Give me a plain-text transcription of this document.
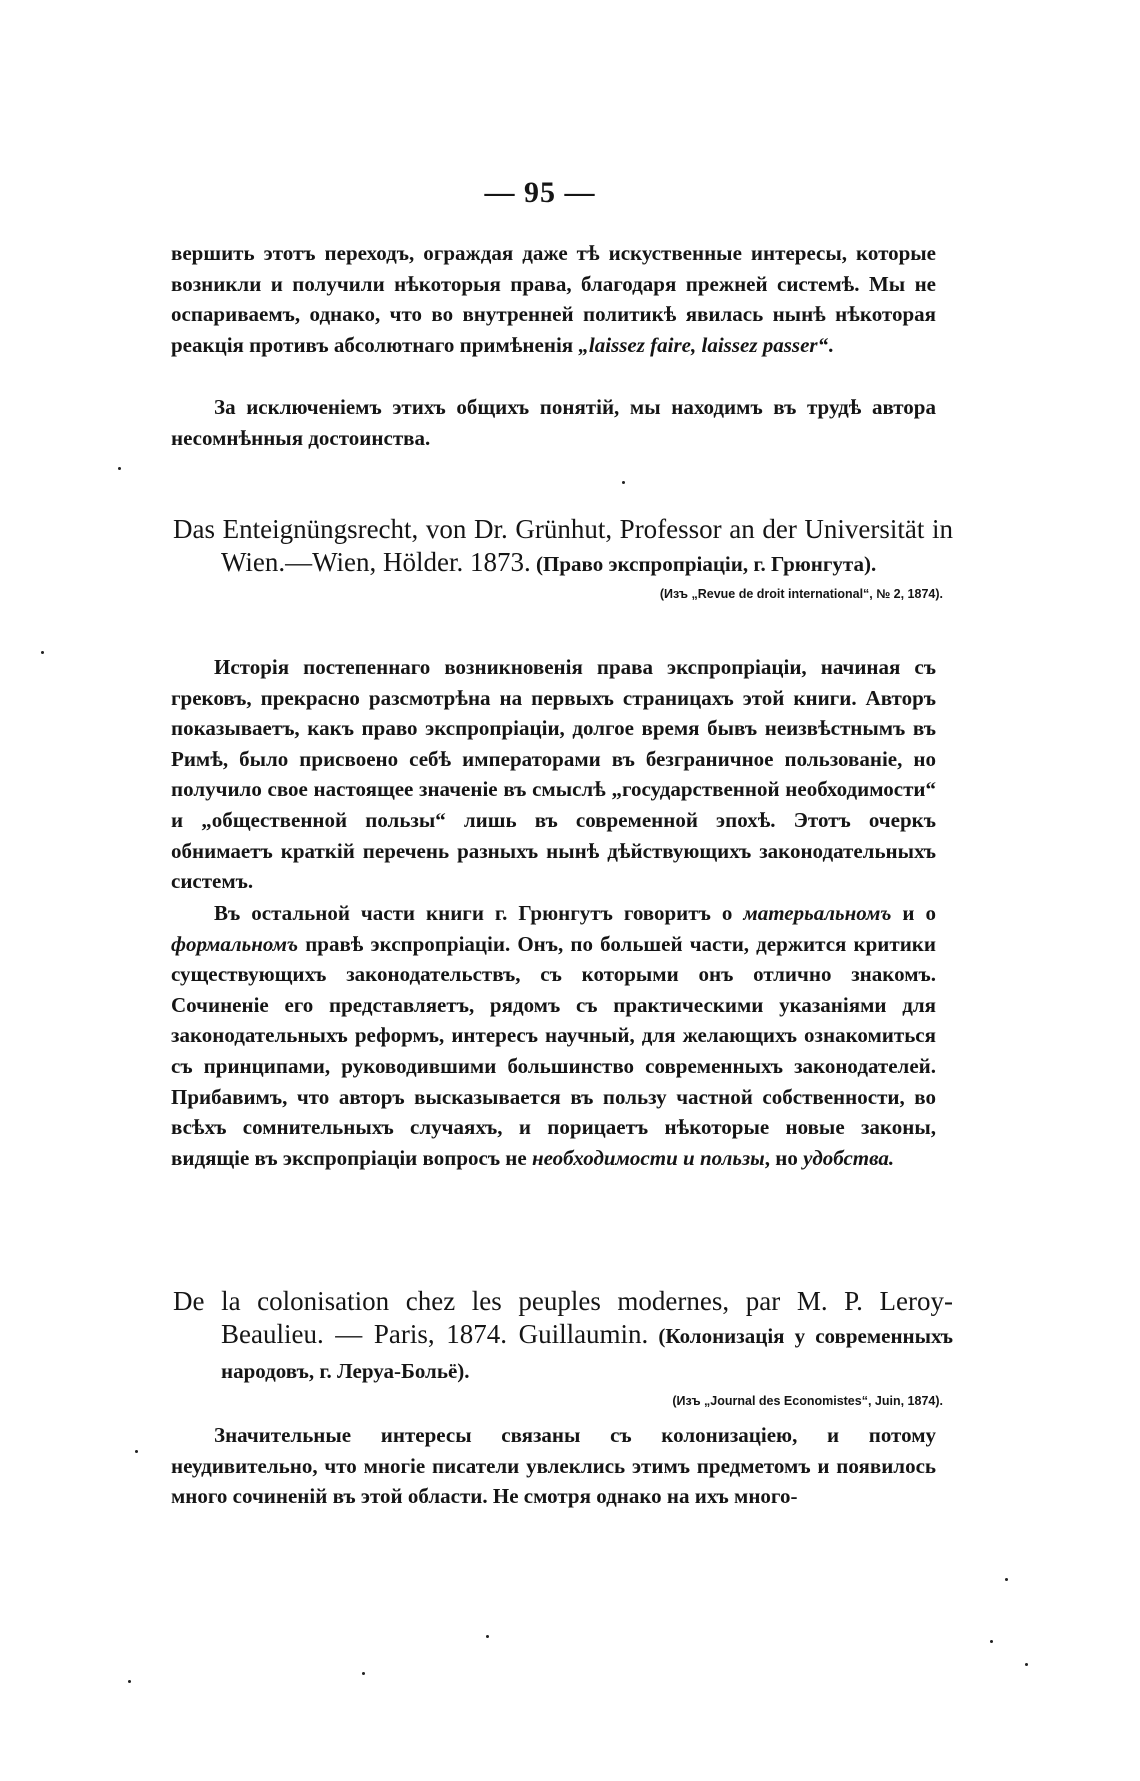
— 95 —

вершить этотъ переходъ, ограждая даже тѣ искуственные интересы, которые возникли и получили нѣкоторыя права, благодаря прежней системѣ. Мы не оспариваемъ, однако, что во внутренней политикѣ явилась нынѣ нѣкоторая реакція противъ абсолютнаго примѣненія „laissez faire, laissez passer“.

За исключеніемъ этихъ общихъ понятій, мы находимъ въ трудѣ автора несомнѣнныя достоинства.

Das Enteignüngsrecht, von Dr. Grünhut, Professor an der Universität in Wien.—Wien, Hölder. 1873. (Право экспропріаціи, г. Грюнгута).
(Изъ „Revue de droit international“, № 2, 1874).

Исторія постепеннаго возникновенія права экспропріаціи, начиная съ грековъ, прекрасно разсмотрѣна на первыхъ страницахъ этой книги. Авторъ показываетъ, какъ право экспропріаціи, долгое время бывъ неизвѣстнымъ въ Римѣ, было присвоено себѣ императорами въ безграничное пользованіе, но получило свое настоящее значеніе въ смыслѣ „государственной необходимости“ и „общественной пользы“ лишь въ современной эпохѣ. Этотъ очеркъ обнимаетъ краткій перечень разныхъ нынѣ дѣйствующихъ законодательныхъ системъ.

Въ остальной части книги г. Грюнгутъ говоритъ о матерьальномъ и о формальномъ правѣ экспропріаціи. Онъ, по большей части, держится критики существующихъ законодательствъ, съ которыми онъ отлично знакомъ. Сочиненіе его представляетъ, рядомъ съ практическими указаніями для законодательныхъ реформъ, интересъ научный, для желающихъ ознакомиться съ принципами, руководившими большинство современныхъ законодателей. Прибавимъ, что авторъ высказывается въ пользу частной собственности, во всѣхъ сомнительныхъ случаяхъ, и порицаетъ нѣкоторые новые законы, видящіе въ экспропріаціи вопросъ не необходимости и пользы, но удобства.

De la colonisation chez les peuples modernes, par M. P. Leroy-Beaulieu. — Paris, 1874. Guillaumin. (Колонизація у современныхъ народовъ, г. Леруа-Больё).
(Изъ „Journal des Economistes“, Juin, 1874).

Значительные интересы связаны съ колонизаціею, и потому неудивительно, что многіе писатели увлеклись этимъ предметомъ и появилось много сочиненій въ этой области. Не смотря однако на ихъ много-
